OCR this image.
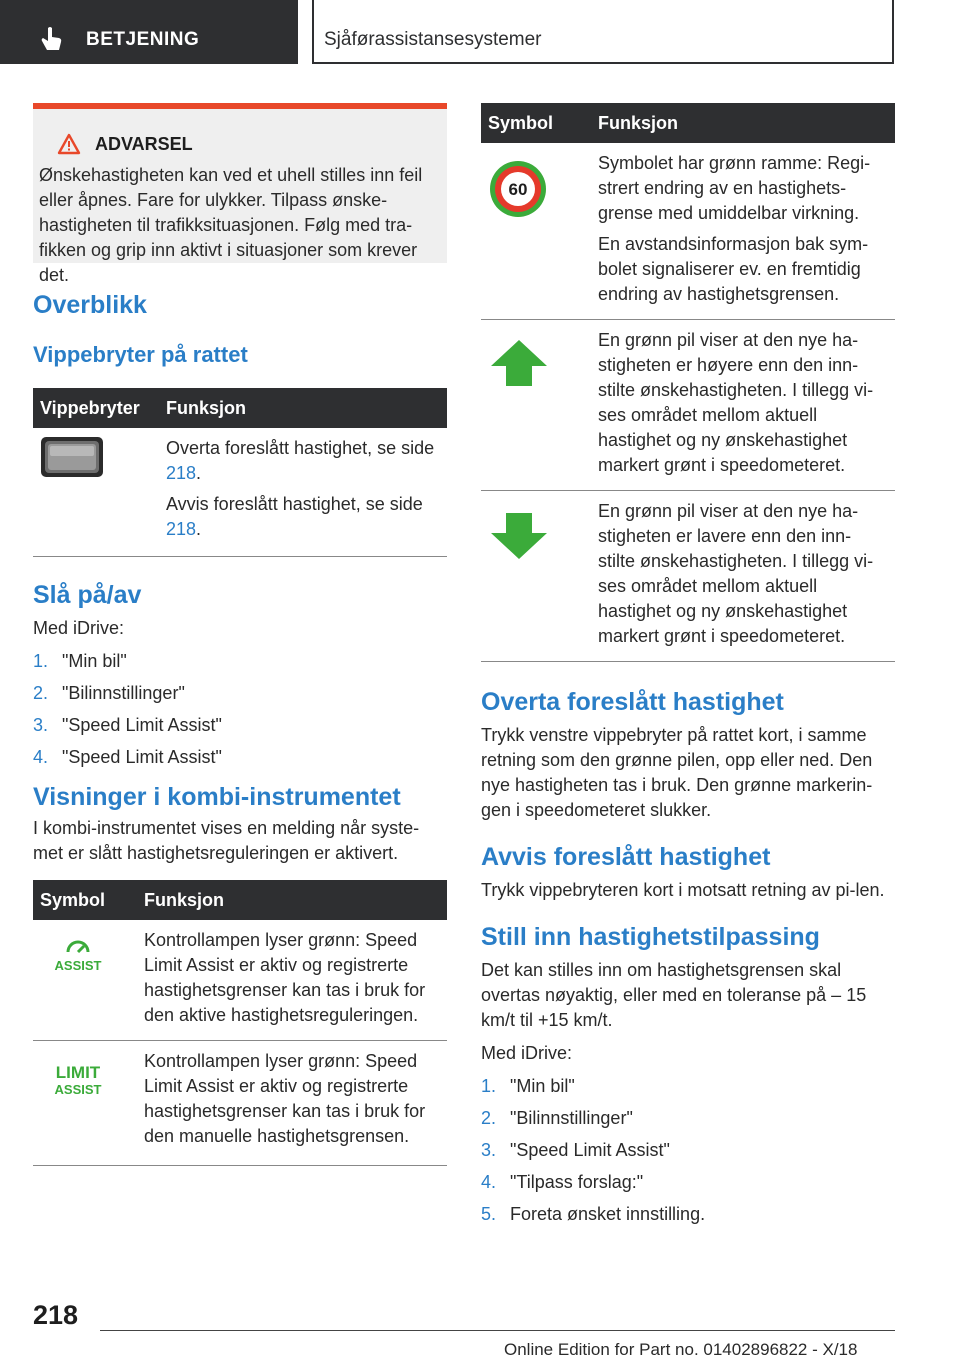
BETJENING	Sjåførassistansesystemer
ADVARSEL
Ønskehastigheten kan ved et uhell stilles inn feil eller åpnes. Fare for ulykker. Tilpass ønske-hastigheten til trafikksituasjonen. Følg med tra-fikken og grip inn aktivt i situasjoner som krever det.
Overblikk
Vippebryter på rattet
Vippebryter	Funksjon

Overta foreslått hastighet, se side 218.

Avvis foreslått hastighet, se side 218.

Slå på/av

Med iDrive:

1. "Min bil"
2. "Bilinnstillinger"
3. "Speed Limit Assist"
4. "Speed Limit Assist"
Visninger i kombi-instrumentet

I kombi-instrumentet vises en melding når syste-met er slått hastighetsreguleringen er aktivert.

Symbol	Funksjon

ASSIST	Kontrollampen lyser grønn: Speed Limit Assist er aktiv og registrerte hastighetsgrenser kan tas i bruk for den aktive hastighetsreguleringen.

LIMIT
ASSIST	Kontrollampen lyser grønn: Speed Limit Assist er aktiv og registrerte hastighetsgrenser kan tas i bruk for den manuelle hastighetsgrensen.
Symbol	Funksjon

60	Symbolet har grønn ramme: Regi-strert endring av en hastighets-grense med umiddelbar virkning.

En avstandsinformasjon bak sym-bolet signaliserer ev. en fremtidig endring av hastighetsgrensen.

En grønn pil viser at den nye ha-stigheten er høyere enn den inn-stilte ønskehastigheten. I tillegg vi-ses området mellom aktuell hastighet og ny ønskehastighet markert grønt i speedometeret.

En grønn pil viser at den nye ha-stigheten er lavere enn den inn-stilte ønskehastigheten. I tillegg vi-ses området mellom aktuell hastighet og ny ønskehastighet markert grønt i speedometeret.

Overta foreslått hastighet

Trykk venstre vippebryter på rattet kort, i samme retning som den grønne pilen, opp eller ned. Den nye hastigheten tas i bruk. Den grønne markerin-gen i speedometeret slukker.

Avvis foreslått hastighet

Trykk vippebryteren kort i motsatt retning av pi-len.

Still inn hastighetstilpassing

Det kan stilles inn om hastighetsgrensen skal overtas nøyaktig, eller med en toleranse på – 15 km/t til +15 km/t.

Med iDrive:

1. "Min bil"
2. "Bilinnstillinger"
3. "Speed Limit Assist"
4. "Tilpass forslag:"
5. Foreta ønsket innstilling.
218
Online Edition for Part no. 01402896822 - X/18
